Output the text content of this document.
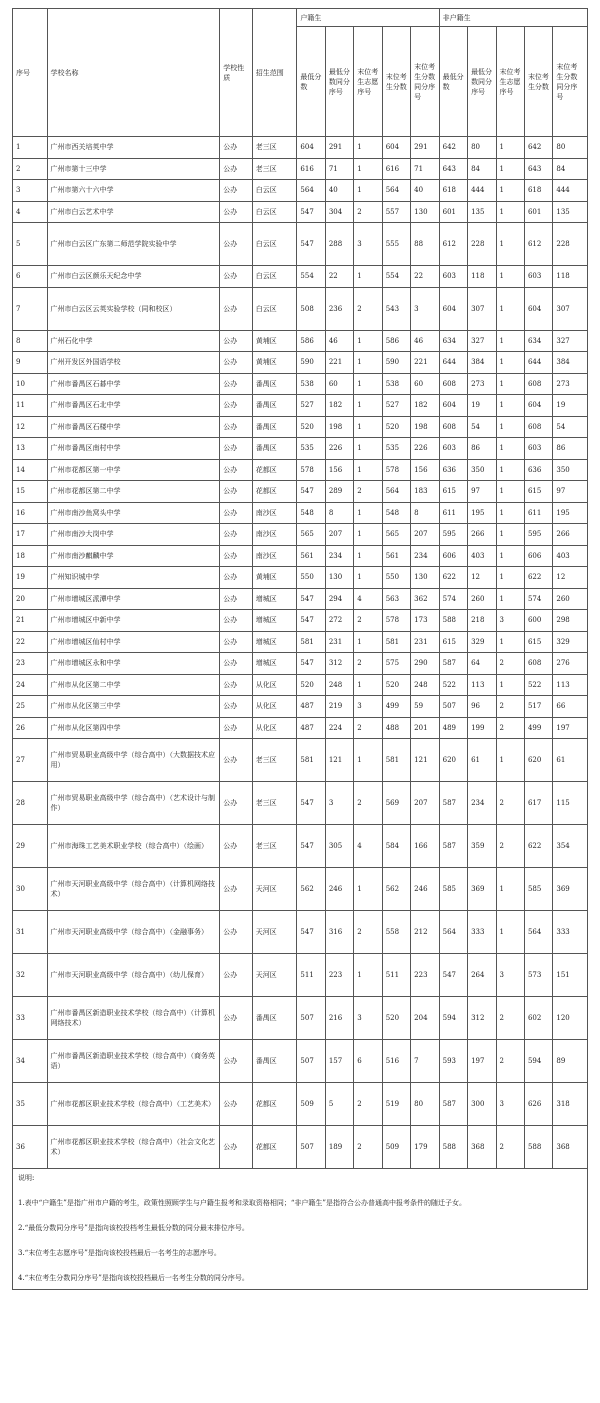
序号	学校名称	学校性质	招生范围	户籍生					非户籍生				
				最低分数	最低分数同分序号	末位考生志愿序号	末位考生分数	末位考生分数同分序号	最低分数	最低分数同分序号	末位考生志愿序号	末位考生分数	末位考生分数同分序号
1	广州市西关培英中学	公办	老三区	604	291	1	604	291	642	80	1	642	80
2	广州市第十三中学	公办	老三区	616	71	1	616	71	643	84	1	643	84
3	广州市第六十六中学	公办	白云区	564	40	1	564	40	618	444	1	618	444
4	广州市白云艺术中学	公办	白云区	547	304	2	557	130	601	135	1	601	135
5	广州市白云区广东第二师范学院实验中学	公办	白云区	547	288	3	555	88	612	228	1	612	228
6	广州市白云区颜乐天纪念中学	公办	白云区	554	22	1	554	22	603	118	1	603	118
7	广州市白云区云英实验学校（同和校区）	公办	白云区	508	236	2	543	3	604	307	1	604	307
8	广州石化中学	公办	黄埔区	586	46	1	586	46	634	327	1	634	327
9	广州开发区外国语学校	公办	黄埔区	590	221	1	590	221	644	384	1	644	384
10	广州市番禺区石碁中学	公办	番禺区	538	60	1	538	60	608	273	1	608	273
11	广州市番禺区石北中学	公办	番禺区	527	182	1	527	182	604	19	1	604	19
12	广州市番禺区石楼中学	公办	番禺区	520	198	1	520	198	608	54	1	608	54
13	广州市番禺区南村中学	公办	番禺区	535	226	1	535	226	603	86	1	603	86
14	广州市花都区第一中学	公办	花都区	578	156	1	578	156	636	350	1	636	350
15	广州市花都区第二中学	公办	花都区	547	289	2	564	183	615	97	1	615	97
16	广州市南沙鱼窝头中学	公办	南沙区	548	8	1	548	8	611	195	1	611	195
17	广州市南沙大岗中学	公办	南沙区	565	207	1	565	207	595	266	1	595	266
18	广州市南沙麒麟中学	公办	南沙区	561	234	1	561	234	606	403	1	606	403
19	广州知识城中学	公办	黄埔区	550	130	1	550	130	622	12	1	622	12
20	广州市增城区派潭中学	公办	增城区	547	294	4	563	362	574	260	1	574	260
21	广州市增城区中新中学	公办	增城区	547	272	2	578	173	588	218	3	600	298
22	广州市增城区仙村中学	公办	增城区	581	231	1	581	231	615	329	1	615	329
23	广州市增城区永和中学	公办	增城区	547	312	2	575	290	587	64	2	608	276
24	广州市从化区第二中学	公办	从化区	520	248	1	520	248	522	113	1	522	113
25	广州市从化区第三中学	公办	从化区	487	219	3	499	59	507	96	2	517	66
26	广州市从化区第四中学	公办	从化区	487	224	2	488	201	489	199	2	499	197
27	广州市贸易职业高级中学（综合高中）（大数据技术应用）	公办	老三区	581	121	1	581	121	620	61	1	620	61
28	广州市贸易职业高级中学（综合高中）（艺术设计与制作）	公办	老三区	547	3	2	569	207	587	234	2	617	115
29	广州市海珠工艺美术职业学校（综合高中）（绘画）	公办	老三区	547	305	4	584	166	587	359	2	622	354
30	广州市天河职业高级中学（综合高中）（计算机网络技术）	公办	天河区	562	246	1	562	246	585	369	1	585	369
31	广州市天河职业高级中学（综合高中）（金融事务）	公办	天河区	547	316	2	558	212	564	333	1	564	333
32	广州市天河职业高级中学（综合高中）（幼儿保育）	公办	天河区	511	223	1	511	223	547	264	3	573	151
33	广州市番禺区新造职业技术学校（综合高中）（计算机网络技术）	公办	番禺区	507	216	3	520	204	594	312	2	602	120
34	广州市番禺区新造职业技术学校（综合高中）（商务英语）	公办	番禺区	507	157	6	516	7	593	197	2	594	89
35	广州市花都区职业技术学校（综合高中）（工艺美术）	公办	花都区	509	5	2	519	80	587	300	3	626	318
36	广州市花都区职业技术学校（综合高中）（社会文化艺术）	公办	花都区	507	189	2	509	179	588	368	2	588	368

说明:

1.表中“户籍生”是指广州市户籍的考生，政策性照顾学生与户籍生报考和录取资格相同；“非户籍生”是指符合公办普通高中报考条件的随迁子女。

2.“最低分数同分序号”是指向该校投档考生最低分数的同分最末排位序号。

3.“末位考生志愿序号”是指向该校投档最后一名考生的志愿序号。

4.“末位考生分数同分序号”是指向该校投档最后一名考生分数的同分序号。
